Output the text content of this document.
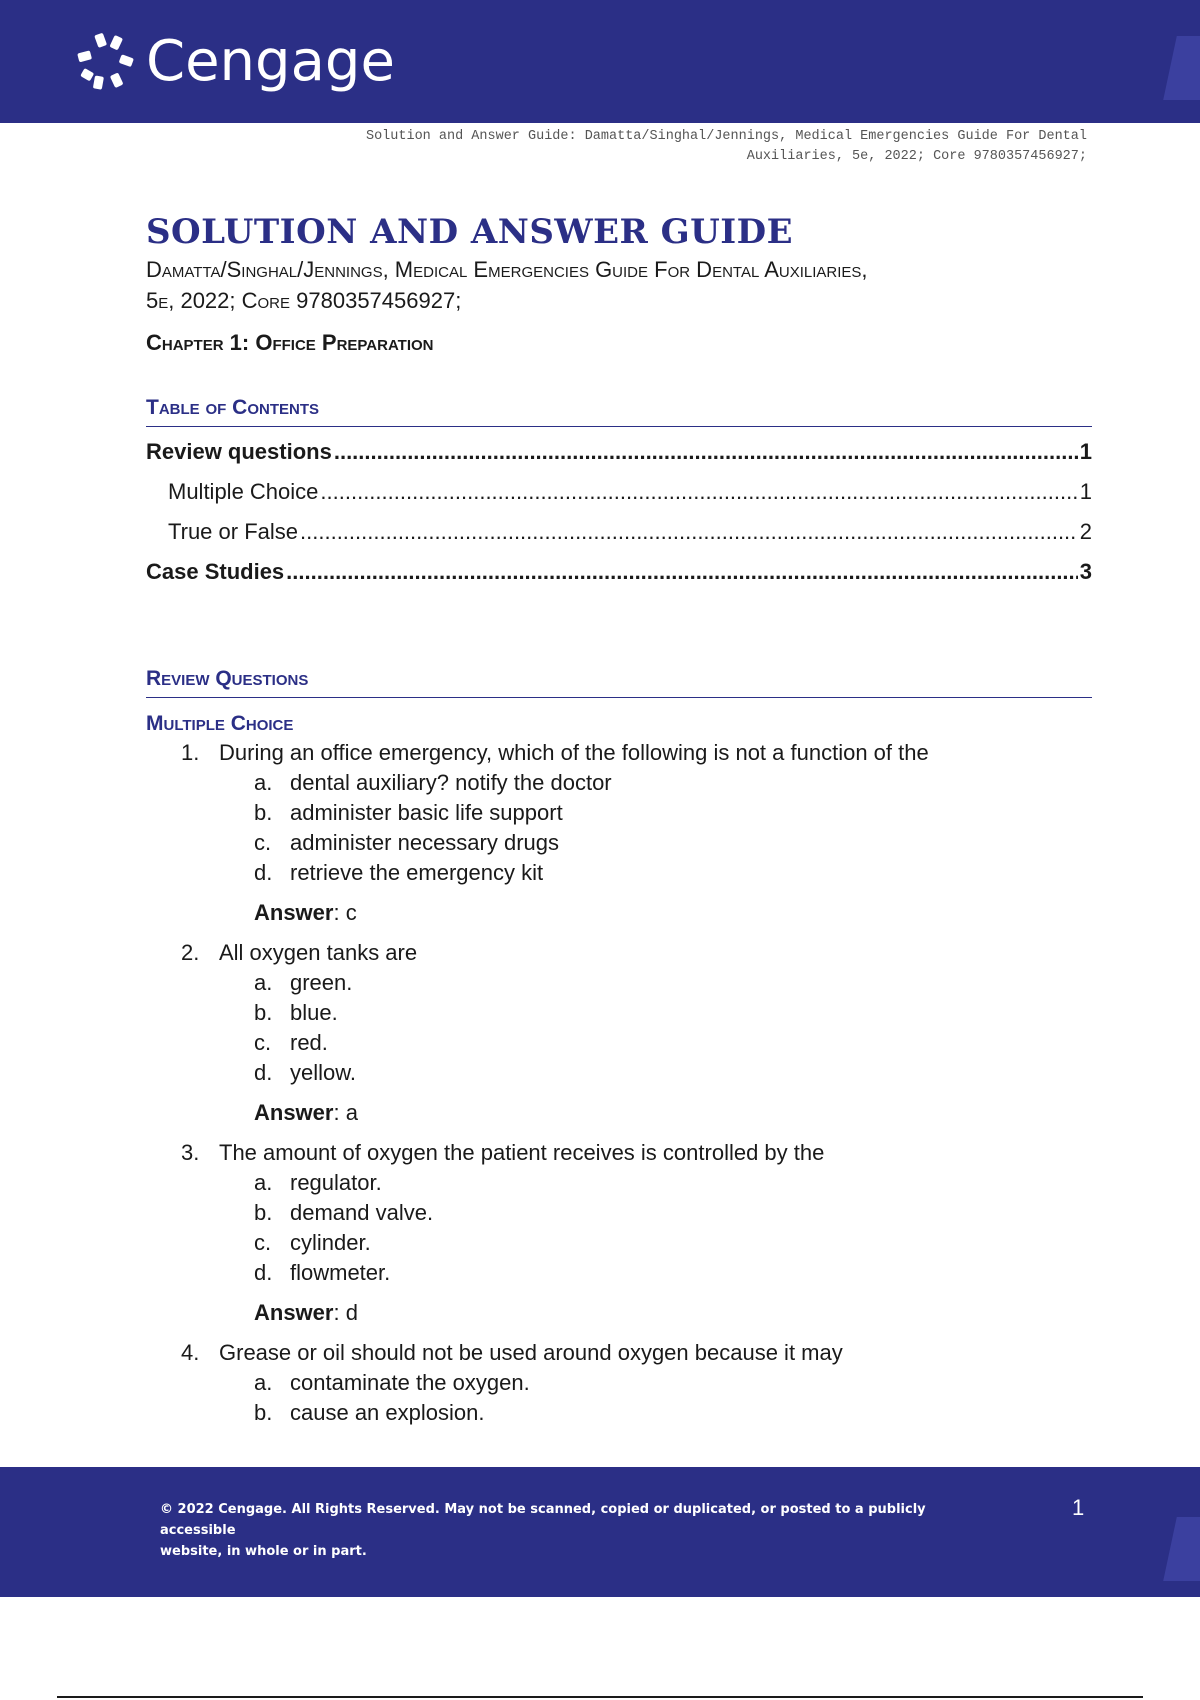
Cengage
Solution and Answer Guide: Damatta/Singhal/Jennings, Medical Emergencies Guide For Dental
Auxiliaries, 5e, 2022; Core 9780357456927;
SOLUTION AND ANSWER GUIDE
Damatta/Singhal/Jennings, Medical Emergencies Guide For Dental Auxiliaries,
5e, 2022; Core 9780357456927;
Chapter 1: Office Preparation
Table of Contents
Review questions .....	1
Multiple Choice .....	1
True or False .....	2
Case Studies .....	3
Review Questions
Multiple Choice
1. During an office emergency, which of the following is not a function of the
a. dental auxiliary? notify the doctor
b. administer basic life support
c. administer necessary drugs
d. retrieve the emergency kit
Answer: c
2. All oxygen tanks are
a. green.
b. blue.
c. red.
d. yellow.
Answer: a
3. The amount of oxygen the patient receives is controlled by the
a. regulator.
b. demand valve.
c. cylinder.
d. flowmeter.
Answer: d
4. Grease or oil should not be used around oxygen because it may
a. contaminate the oxygen.
b. cause an explosion.
© 2022 Cengage. All Rights Reserved. May not be scanned, copied or duplicated, or posted to a publicly accessible
website, in whole or in part.
1
